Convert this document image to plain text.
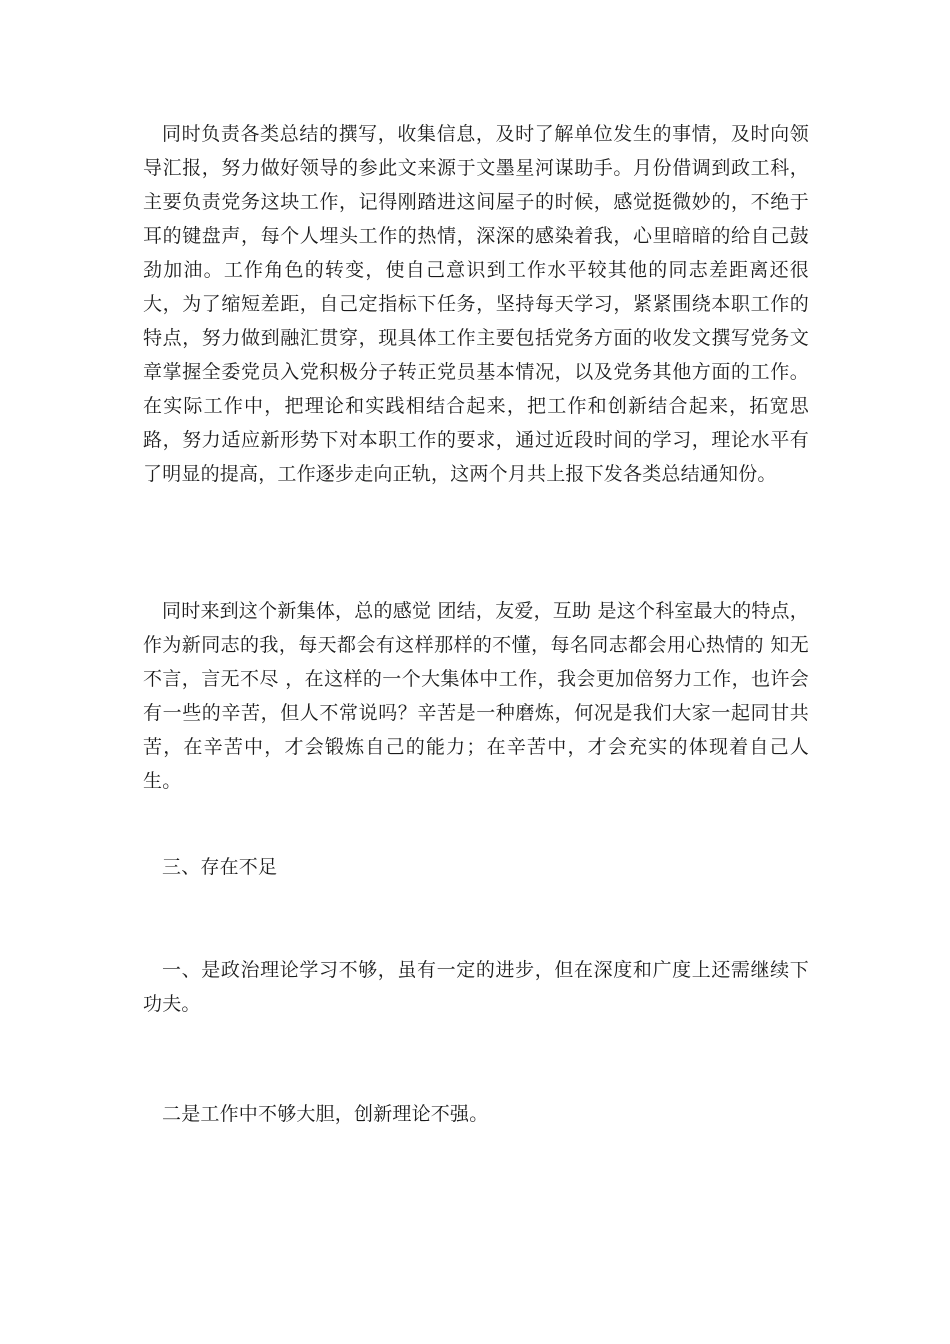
同时负责各类总结的撰写，收集信息，及时了解单位发生的事情，及时向领导汇报，努力做好领导的参此文来源于文墨星河谋助手。月份借调到政工科，主要负责党务这块工作，记得刚踏进这间屋子的时候，感觉挺微妙的，不绝于耳的键盘声，每个人埋头工作的热情，深深的感染着我，心里暗暗的给自己鼓劲加油。工作角色的转变，使自己意识到工作水平较其他的同志差距离还很大，为了缩短差距，自己定指标下任务，坚持每天学习，紧紧围绕本职工作的特点，努力做到融汇贯穿，现具体工作主要包括党务方面的收发文撰写党务文章掌握全委党员入党积极分子转正党员基本情况，以及党务其他方面的工作。在实际工作中，把理论和实践相结合起来，把工作和创新结合起来，拓宽思路，努力适应新形势下对本职工作的要求，通过近段时间的学习，理论水平有了明显的提高，工作逐步走向正轨，这两个月共上报下发各类总结通知份。

同时来到这个新集体，总的感觉 团结，友爱，互助 是这个科室最大的特点，作为新同志的我，每天都会有这样那样的不懂，每名同志都会用心热情的 知无不言，言无不尽 ，在这样的一个大集体中工作，我会更加倍努力工作，也许会有一些的辛苦，但人不常说吗？辛苦是一种磨炼，何况是我们大家一起同甘共苦，在辛苦中，才会锻炼自己的能力；在辛苦中，才会充实的体现着自己人生。

三、存在不足

一、是政治理论学习不够，虽有一定的进步，但在深度和广度上还需继续下功夫。

二是工作中不够大胆，创新理论不强。
